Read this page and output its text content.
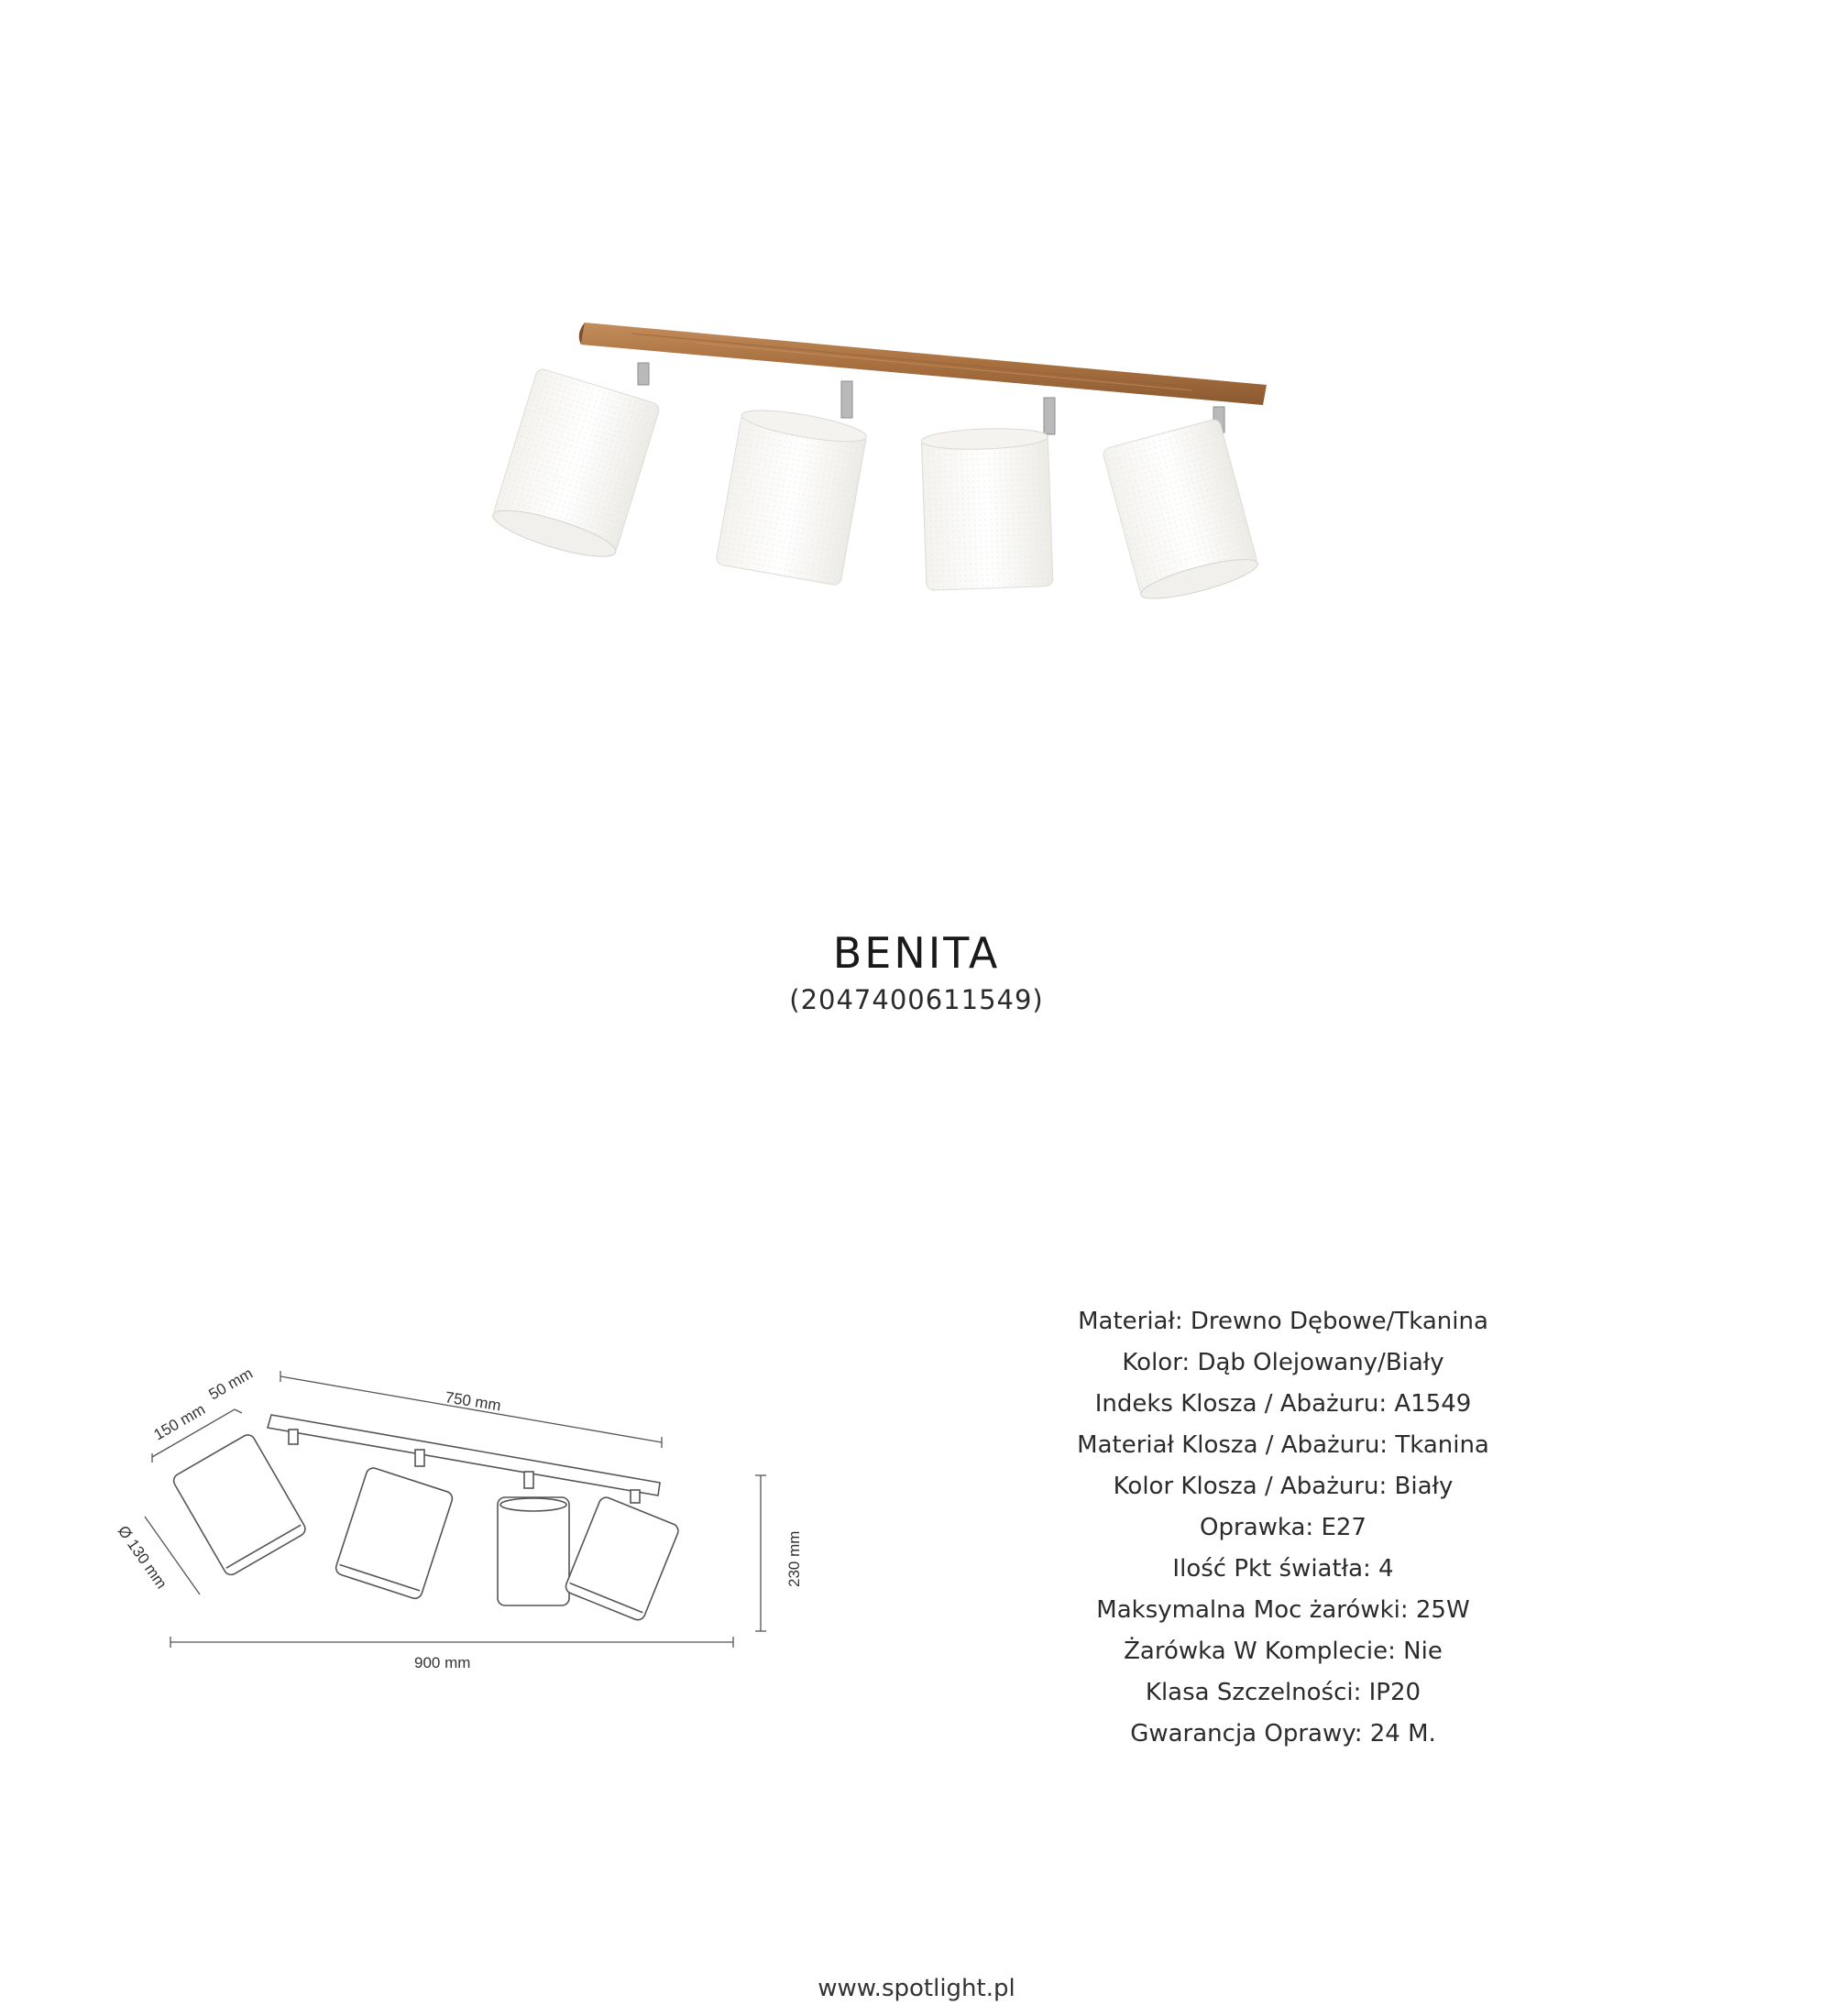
BENITA
(2047400611549)
750 mm
50 mm
150 mm
Ø 130 mm	230 mm
900 mm
Materiał: Drewno Dębowe/Tkanina
Kolor: Dąb Olejowany/Biały
Indeks Klosza / Abażuru: A1549
Materiał Klosza / Abażuru: Tkanina
Kolor Klosza / Abażuru: Biały
Oprawka: E27
Ilość Pkt światła: 4
Maksymalna Moc żarówki: 25W
Żarówka W Komplecie: Nie
Klasa Szczelności: IP20
Gwarancja Oprawy: 24 M.
www.spotlight.pl
